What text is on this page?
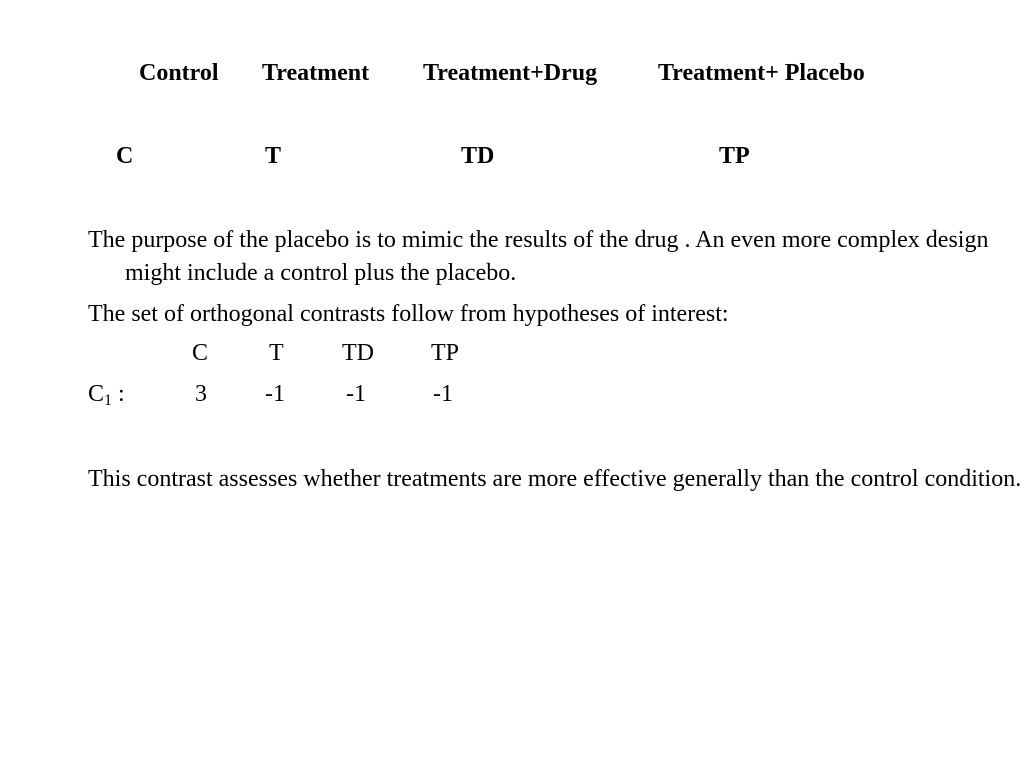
Control Treatment Treatment+Drug	Treatment+ Placebo
C	T	TD	TP
The purpose of the placebo is to mimic the results of the drug . An even more complex design might include a control plus the placebo.
The set of orthogonal contrasts follow from hypotheses of interest:
C	T TD TP
$C_1$ :	3 -1	-1	-1
This contrast assesses whether treatments are more effective generally than the control condition.
